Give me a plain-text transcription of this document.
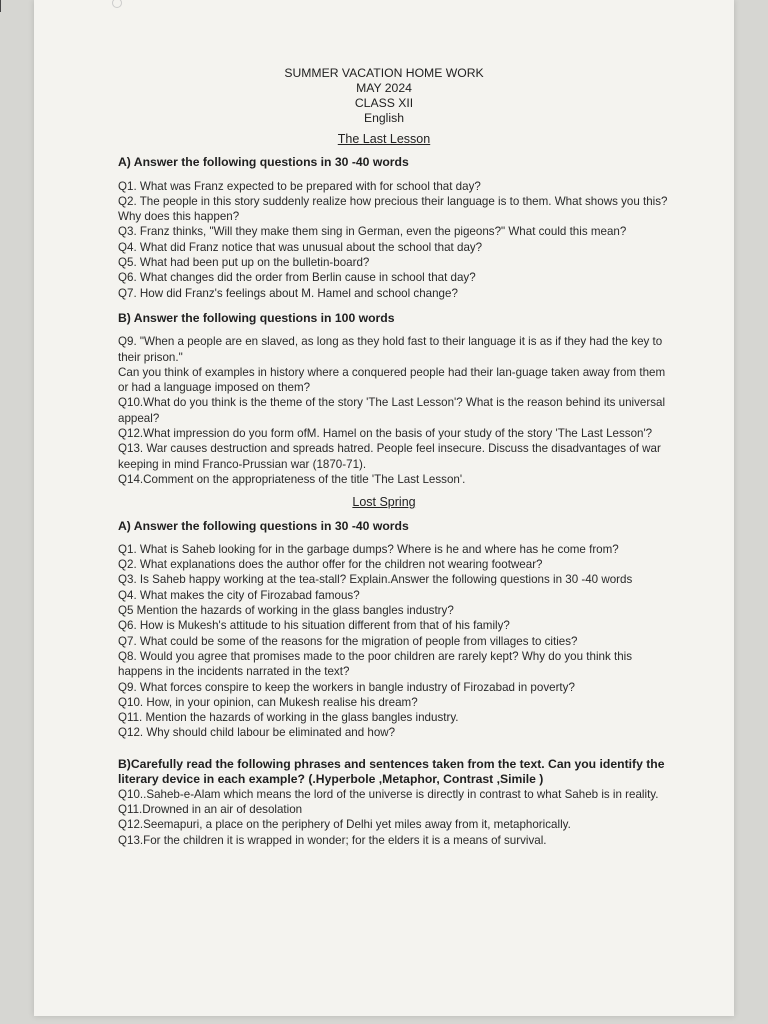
SUMMER VACATION HOME WORK
MAY 2024
CLASS XII
English
The Last Lesson
A) Answer the following questions in 30 -40 words

Q1. What was Franz expected to be prepared with for school that day?

Q2. The people in this story suddenly realize how precious their language is to them. What shows you this? Why does this happen?

Q3. Franz thinks, "Will they make them sing in German, even the pigeons?" What could this mean?

Q4. What did Franz notice that was unusual about the school that day?

Q5. What had been put up on the bulletin-board?

Q6. What changes did the order from Berlin cause in school that day?

Q7. How did Franz's feelings about M. Hamel and school change?

B) Answer the following questions in 100 words

Q9. "When a people are en slaved, as long as they hold fast to their language it is as if they had the key to their prison."

Can you think of examples in history where a conquered people had their lan-guage taken away from them or had a language imposed on them?

Q10.What do you think is the theme of the story 'The Last Lesson'? What is the reason behind its universal appeal?

Q12.What impression do you form ofM. Hamel on the basis of your study of the story 'The Last Lesson'?

Q13. War causes destruction and spreads hatred. People feel insecure. Discuss the disadvantages of war keeping in mind Franco-Prussian war (1870-71).

Q14.Comment on the appropriateness of the title 'The Last Lesson'.

Lost Spring
A) Answer the following questions in 30 -40 words

Q1. What is Saheb looking for in the garbage dumps? Where is he and where has he come from?

Q2. What explanations does the author offer for the children not wearing footwear?

Q3. Is Saheb happy working at the tea-stall? Explain.Answer the following questions in 30 -40 words

Q4. What makes the city of Firozabad famous?

Q5 Mention the hazards of working in the glass bangles industry?

Q6. How is Mukesh's attitude to his situation different from that of his family?

Q7. What could be some of the reasons for the migration of people from villages to cities?

Q8. Would you agree that promises made to the poor children are rarely kept? Why do you think this happens in the incidents narrated in the text?

Q9. What forces conspire to keep the workers in bangle industry of Firozabad in poverty?

Q10. How, in your opinion, can Mukesh realise his dream?

Q11. Mention the hazards of working in the glass bangles industry.

Q12. Why should child labour be eliminated and how?

B)Carefully read the following phrases and sentences taken from the text. Can you identify the literary device in each example? (.Hyperbole ,Metaphor, Contrast ,Simile )

Q10..Saheb-e-Alam which means the lord of the universe is directly in contrast to what Saheb is in reality.

Q11.Drowned in an air of desolation

Q12.Seemapuri, a place on the periphery of Delhi yet miles away from it, metaphorically.

Q13.For the children it is wrapped in wonder; for the elders it is a means of survival.
